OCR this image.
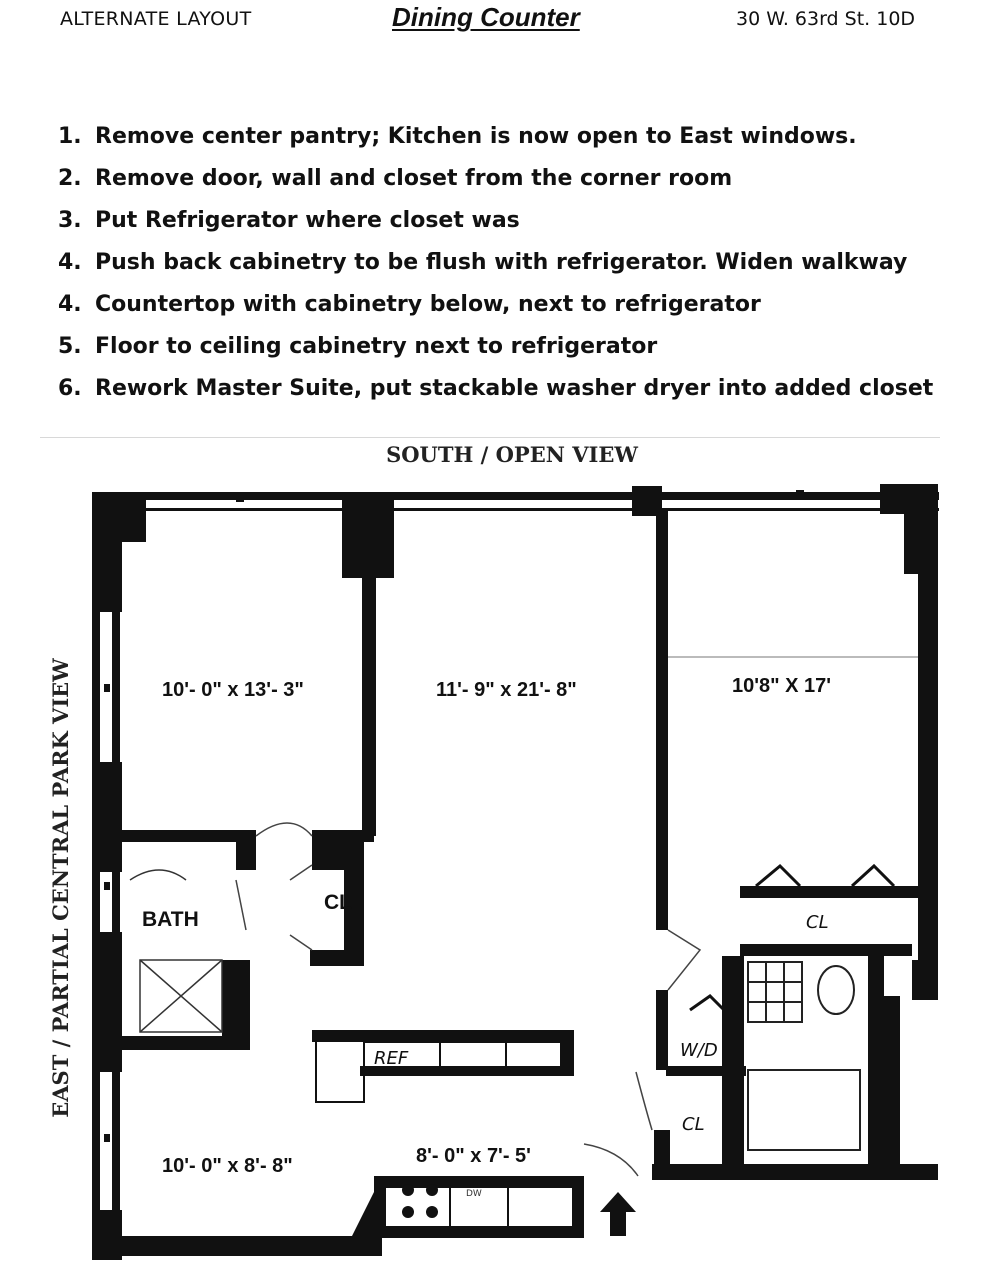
ALTERNATE LAYOUT	Dining Counter	30 W. 63rd St. 10D
1. Remove center pantry; Kitchen is now open to East windows.
2. Remove door, wall and closet from the corner room
3. Put Refrigerator where closet was
4. Push back cabinetry to be flush with refrigerator. Widen walkway
4. Countertop with cabinetry below, next to refrigerator
5. Floor to ceiling cabinetry next to refrigerator
6. Rework Master Suite, put stackable washer dryer into added closet
SOUTH / OPEN VIEW
EAST / PARTIAL CENTRAL PARK VIEW	10'- 0" x 13'- 3"	11'- 9" x 21'- 8"	10'8" X 17'
10'- 0" x 8'- 8"	8'- 0" x 7'- 5'
BATH
CL
CL
CL
W/D
REF
DW
